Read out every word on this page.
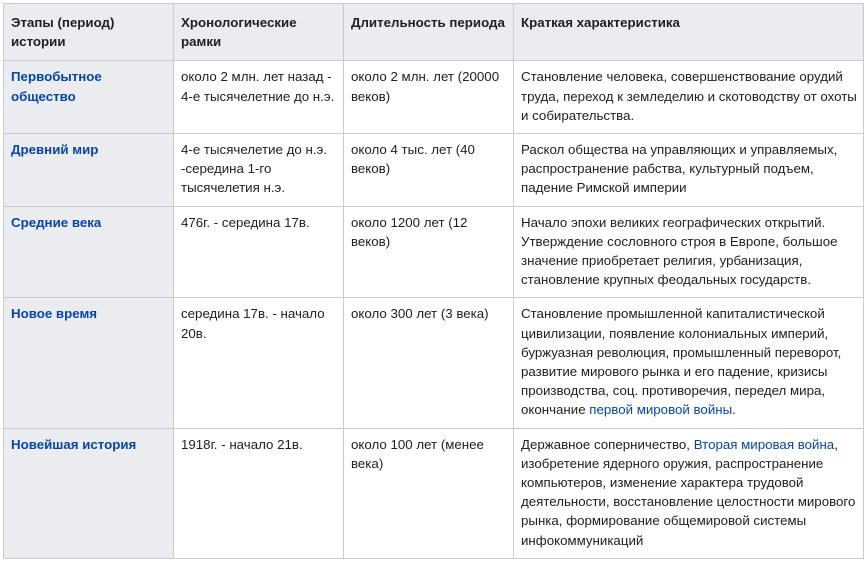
Этапы (период) истории	Хронологические рамки	Длительность периода	Краткая характеристика
Первобытное общество	около 2 млн. лет назад - 4-е тысячелетние до н.э.	около 2 млн. лет (20000 веков)	Становление человека, совершенствование орудий труда, переход к земледелию и скотоводству от охоты и собирательства.
Древний мир	4-е тысячелетие до н.э. -середина 1-го тысячелетия н.э.	около 4 тыс. лет (40 веков)	Раскол общества на управляющих и управляемых, распространение рабства, культурный подъем, падение Римской империи
Средние века	476г. - середина 17в.	около 1200 лет (12 веков)	Начало эпохи великих географических открытий. Утверждение сословного строя в Европе, большое значение приобретает религия, урбанизация, становление крупных феодальных государств.
Новое время	середина 17в. - начало 20в.	около 300 лет (3 века)	Становление промышленной капиталистической цивилизации, появление колониальных империй, буржуазная революция, промышленный переворот, развитие мирового рынка и его падение, кризисы производства, соц. противоречия, передел мира, окончание первой мировой войны.
Новейшая история	1918г. - начало 21в.	около 100 лет (менее века)	Державное соперничество, Вторая мировая война, изобретение ядерного оружия, распространение компьютеров, изменение характера трудовой деятельности, восстановление целостности мирового рынка, формирование общемировой системы инфокоммуникаций
